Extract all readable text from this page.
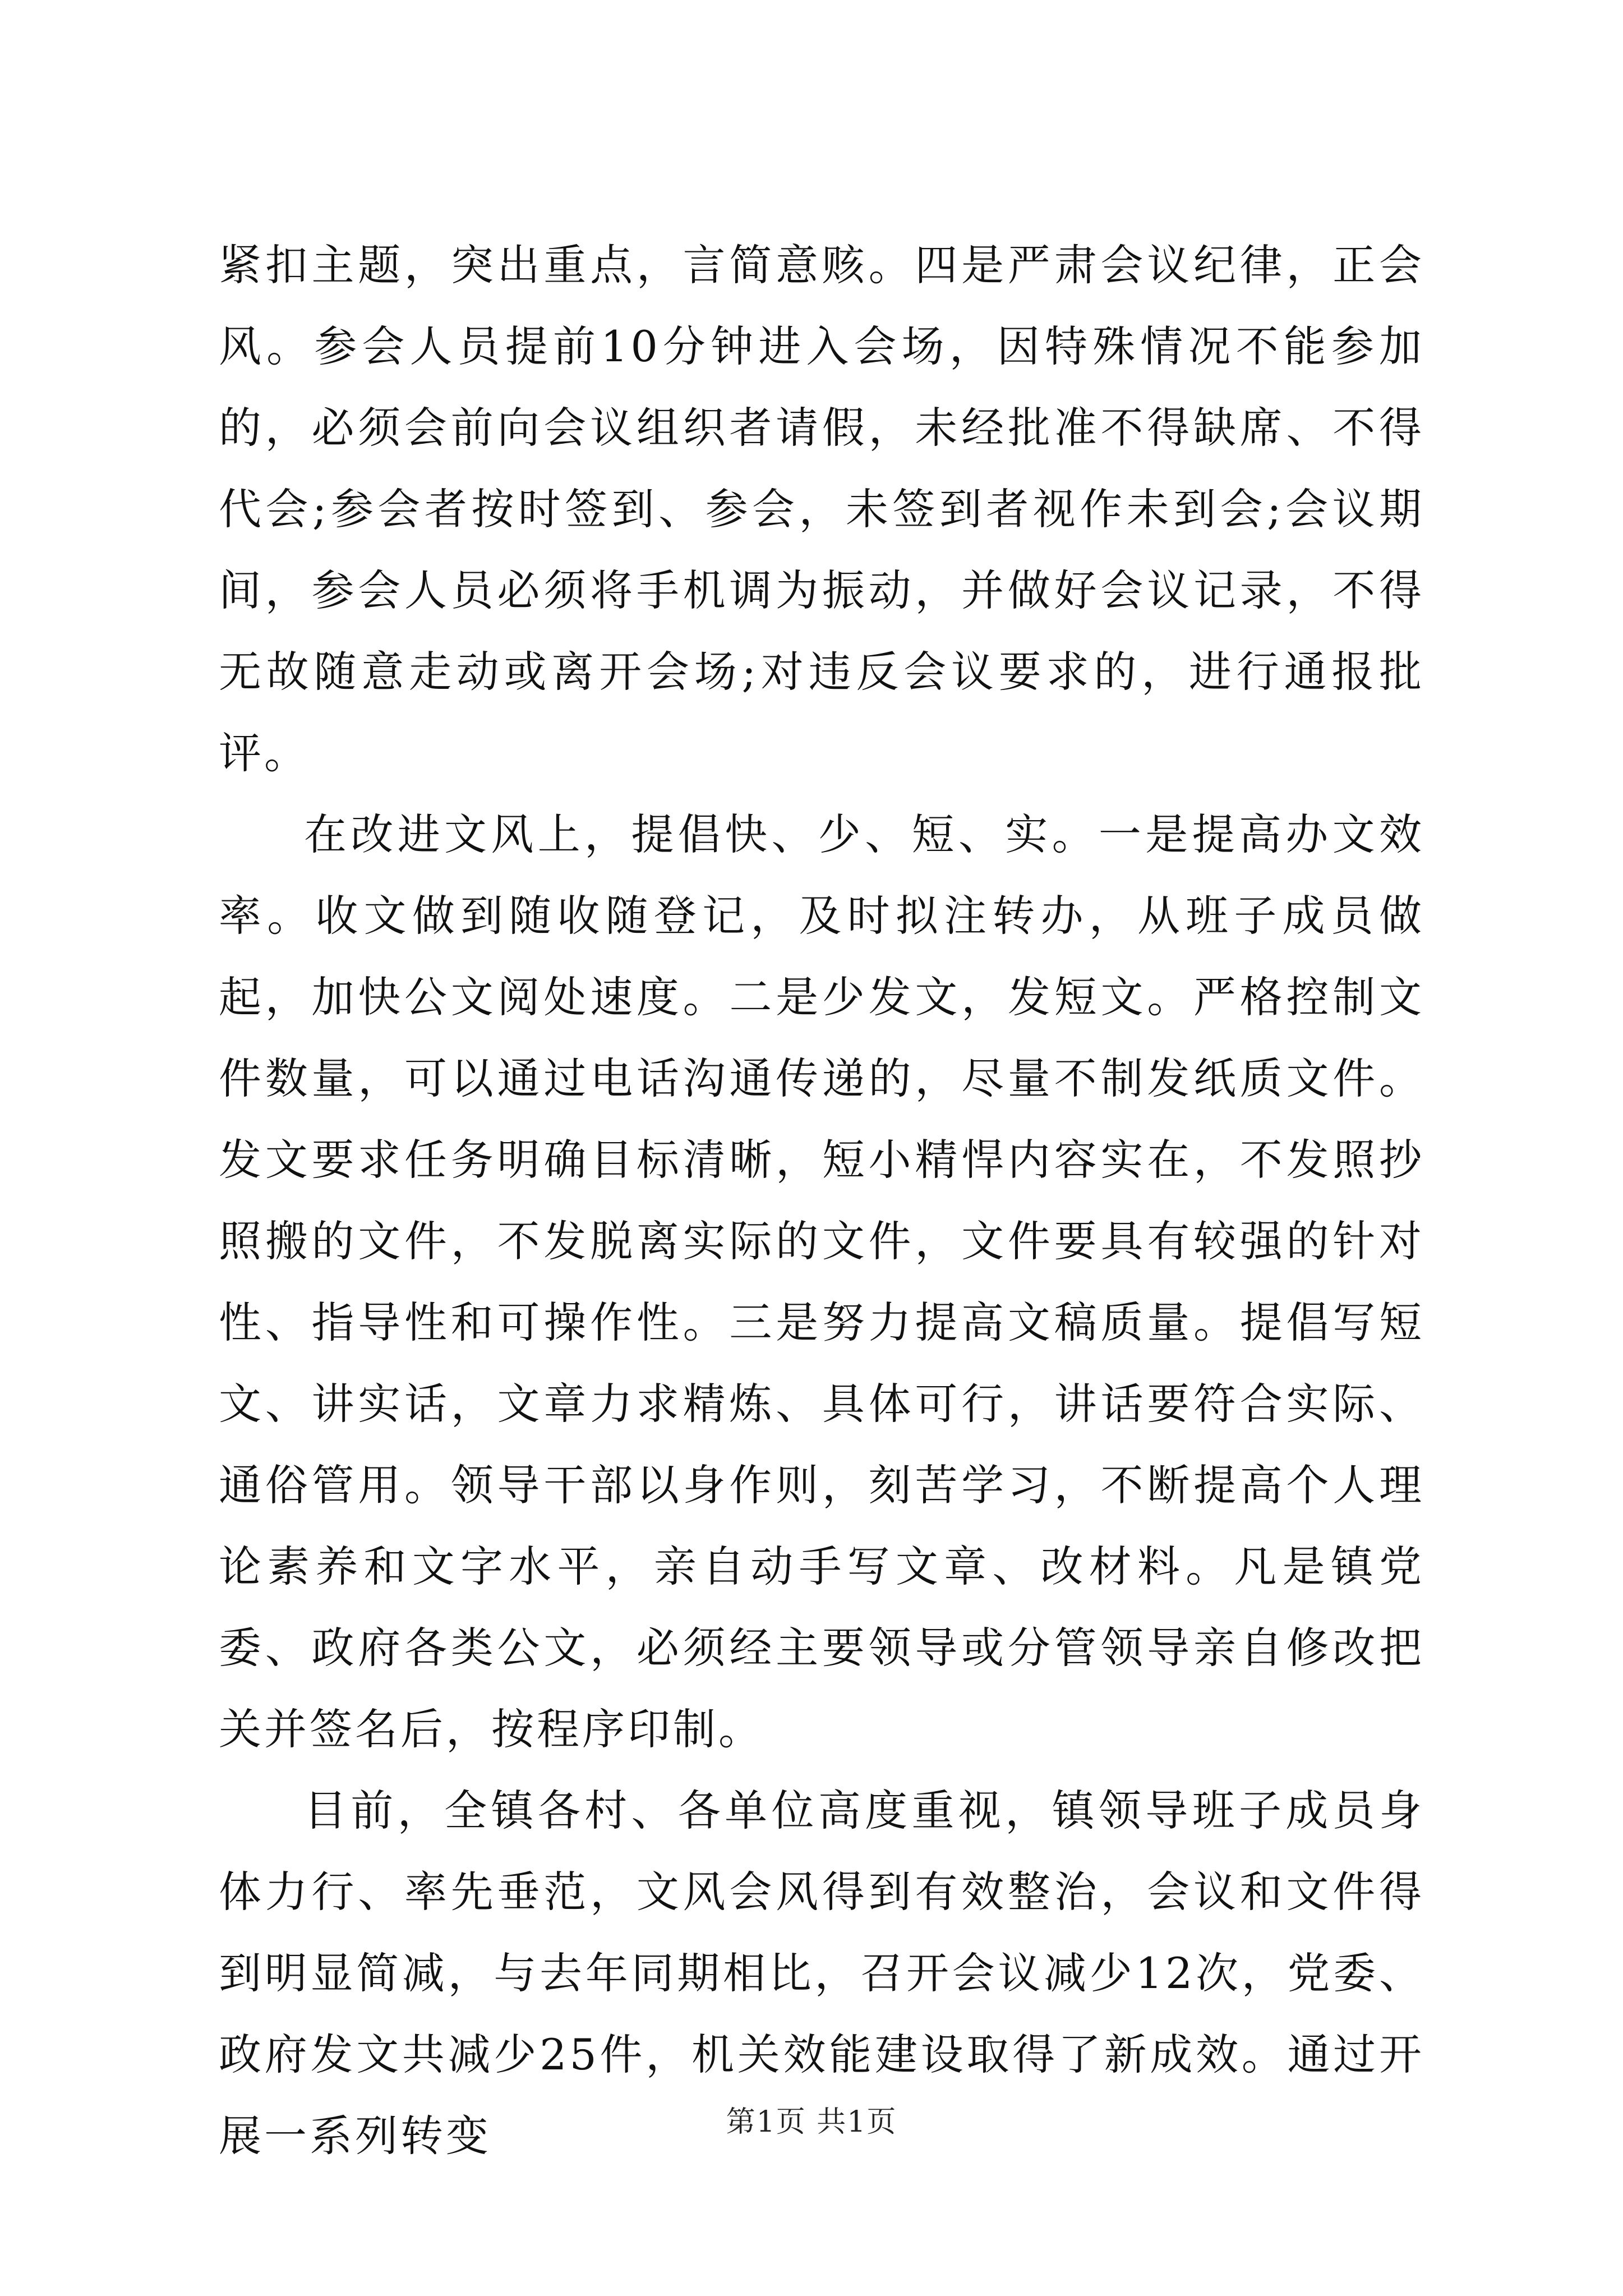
紧扣主题，突出重点，言简意赅。四是严肃会议纪律，正会风。参会人员提前10分钟进入会场，因特殊情况不能参加的，必须会前向会议组织者请假，未经批准不得缺席、不得代会;参会者按时签到、参会，未签到者视作未到会;会议期间，参会人员必须将手机调为振动，并做好会议记录，不得无故随意走动或离开会场;对违反会议要求的，进行通报批评。

在改进文风上，提倡快、少、短、实。一是提高办文效率。收文做到随收随登记，及时拟注转办，从班子成员做起，加快公文阅处速度。二是少发文，发短文。严格控制文件数量，可以通过电话沟通传递的，尽量不制发纸质文件。发文要求任务明确目标清晰，短小精悍内容实在，不发照抄照搬的文件，不发脱离实际的文件，文件要具有较强的针对性、指导性和可操作性。三是努力提高文稿质量。提倡写短文、讲实话，文章力求精炼、具体可行，讲话要符合实际、通俗管用。领导干部以身作则，刻苦学习，不断提高个人理论素养和文字水平，亲自动手写文章、改材料。凡是镇党委、政府各类公文，必须经主要领导或分管领导亲自修改把关并签名后，按程序印制。

目前，全镇各村、各单位高度重视，镇领导班子成员身体力行、率先垂范，文风会风得到有效整治，会议和文件得到明显简减，与去年同期相比，召开会议减少12次，党委、政府发文共减少25件，机关效能建设取得了新成效。通过开展一系列转变	第1页 共1页
